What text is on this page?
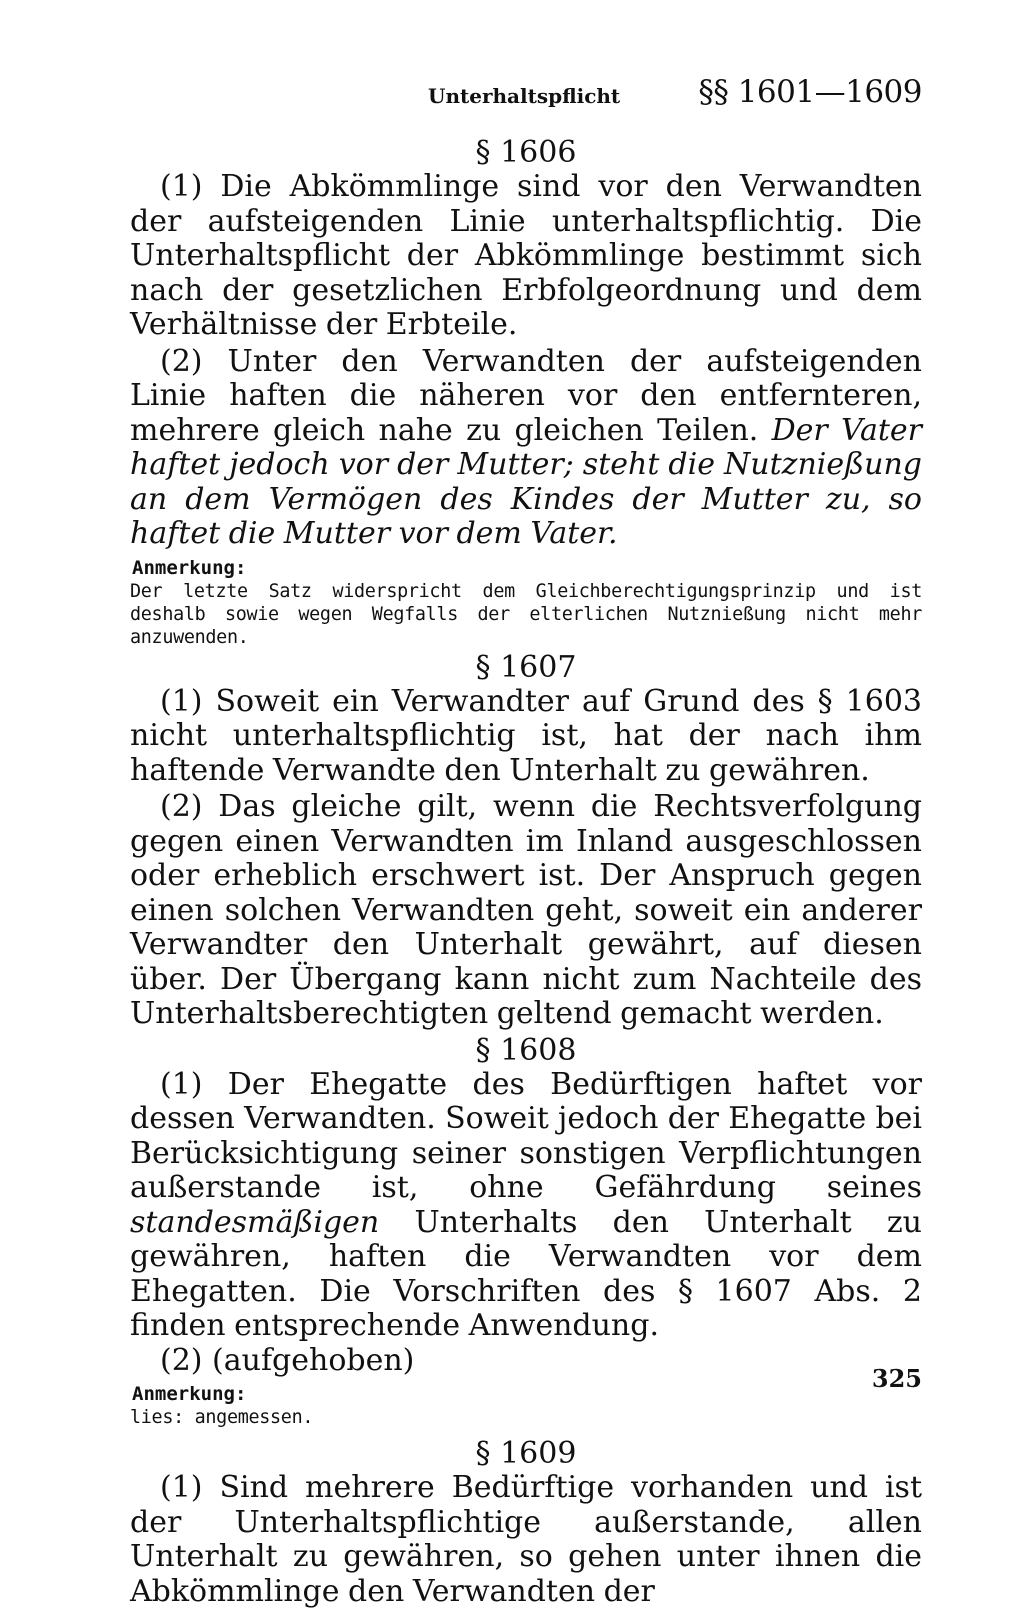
Unterhaltspflicht	§§ 1601—1609

§ 1606

(1) Die Abkömmlinge sind vor den Verwandten der aufsteigenden Linie unterhaltspflichtig. Die Unterhaltspflicht der Abkömmlinge bestimmt sich nach der gesetzlichen Erbfolgeordnung und dem Verhältnisse der Erbteile.

(2) Unter den Verwandten der aufsteigenden Linie haften die näheren vor den entfernteren, mehrere gleich nahe zu gleichen Teilen. Der Vater haftet jedoch vor der Mutter; steht die Nutznießung an dem Vermögen des Kindes der Mutter zu, so haftet die Mutter vor dem Vater.

Anmerkung:

Der letzte Satz widerspricht dem Gleichberechtigungsprinzip und ist deshalb sowie wegen Wegfalls der elterlichen Nutznießung nicht mehr anzuwenden.

§ 1607

(1) Soweit ein Verwandter auf Grund des § 1603 nicht unterhaltspflichtig ist, hat der nach ihm haftende Verwandte den Unterhalt zu gewähren.

(2) Das gleiche gilt, wenn die Rechtsverfolgung gegen einen Verwandten im Inland ausgeschlossen oder erheblich erschwert ist. Der Anspruch gegen einen solchen Verwandten geht, soweit ein anderer Verwandter den Unterhalt gewährt, auf diesen über. Der Übergang kann nicht zum Nachteile des Unterhaltsberechtigten geltend gemacht werden.

§ 1608

(1) Der Ehegatte des Bedürftigen haftet vor dessen Verwandten. Soweit jedoch der Ehegatte bei Berücksichtigung seiner sonstigen Verpflichtungen außerstande ist, ohne Gefährdung seines standesmäßigen Unterhalts den Unterhalt zu gewähren, haften die Verwandten vor dem Ehegatten. Die Vorschriften des § 1607 Abs. 2 finden entsprechende Anwendung.

(2) (aufgehoben)

Anmerkung:

lies: angemessen.

§ 1609

(1) Sind mehrere Bedürftige vorhanden und ist der Unterhaltspflichtige außerstande, allen Unterhalt zu gewähren, so gehen unter ihnen die Abkömmlinge den Verwandten der

325
